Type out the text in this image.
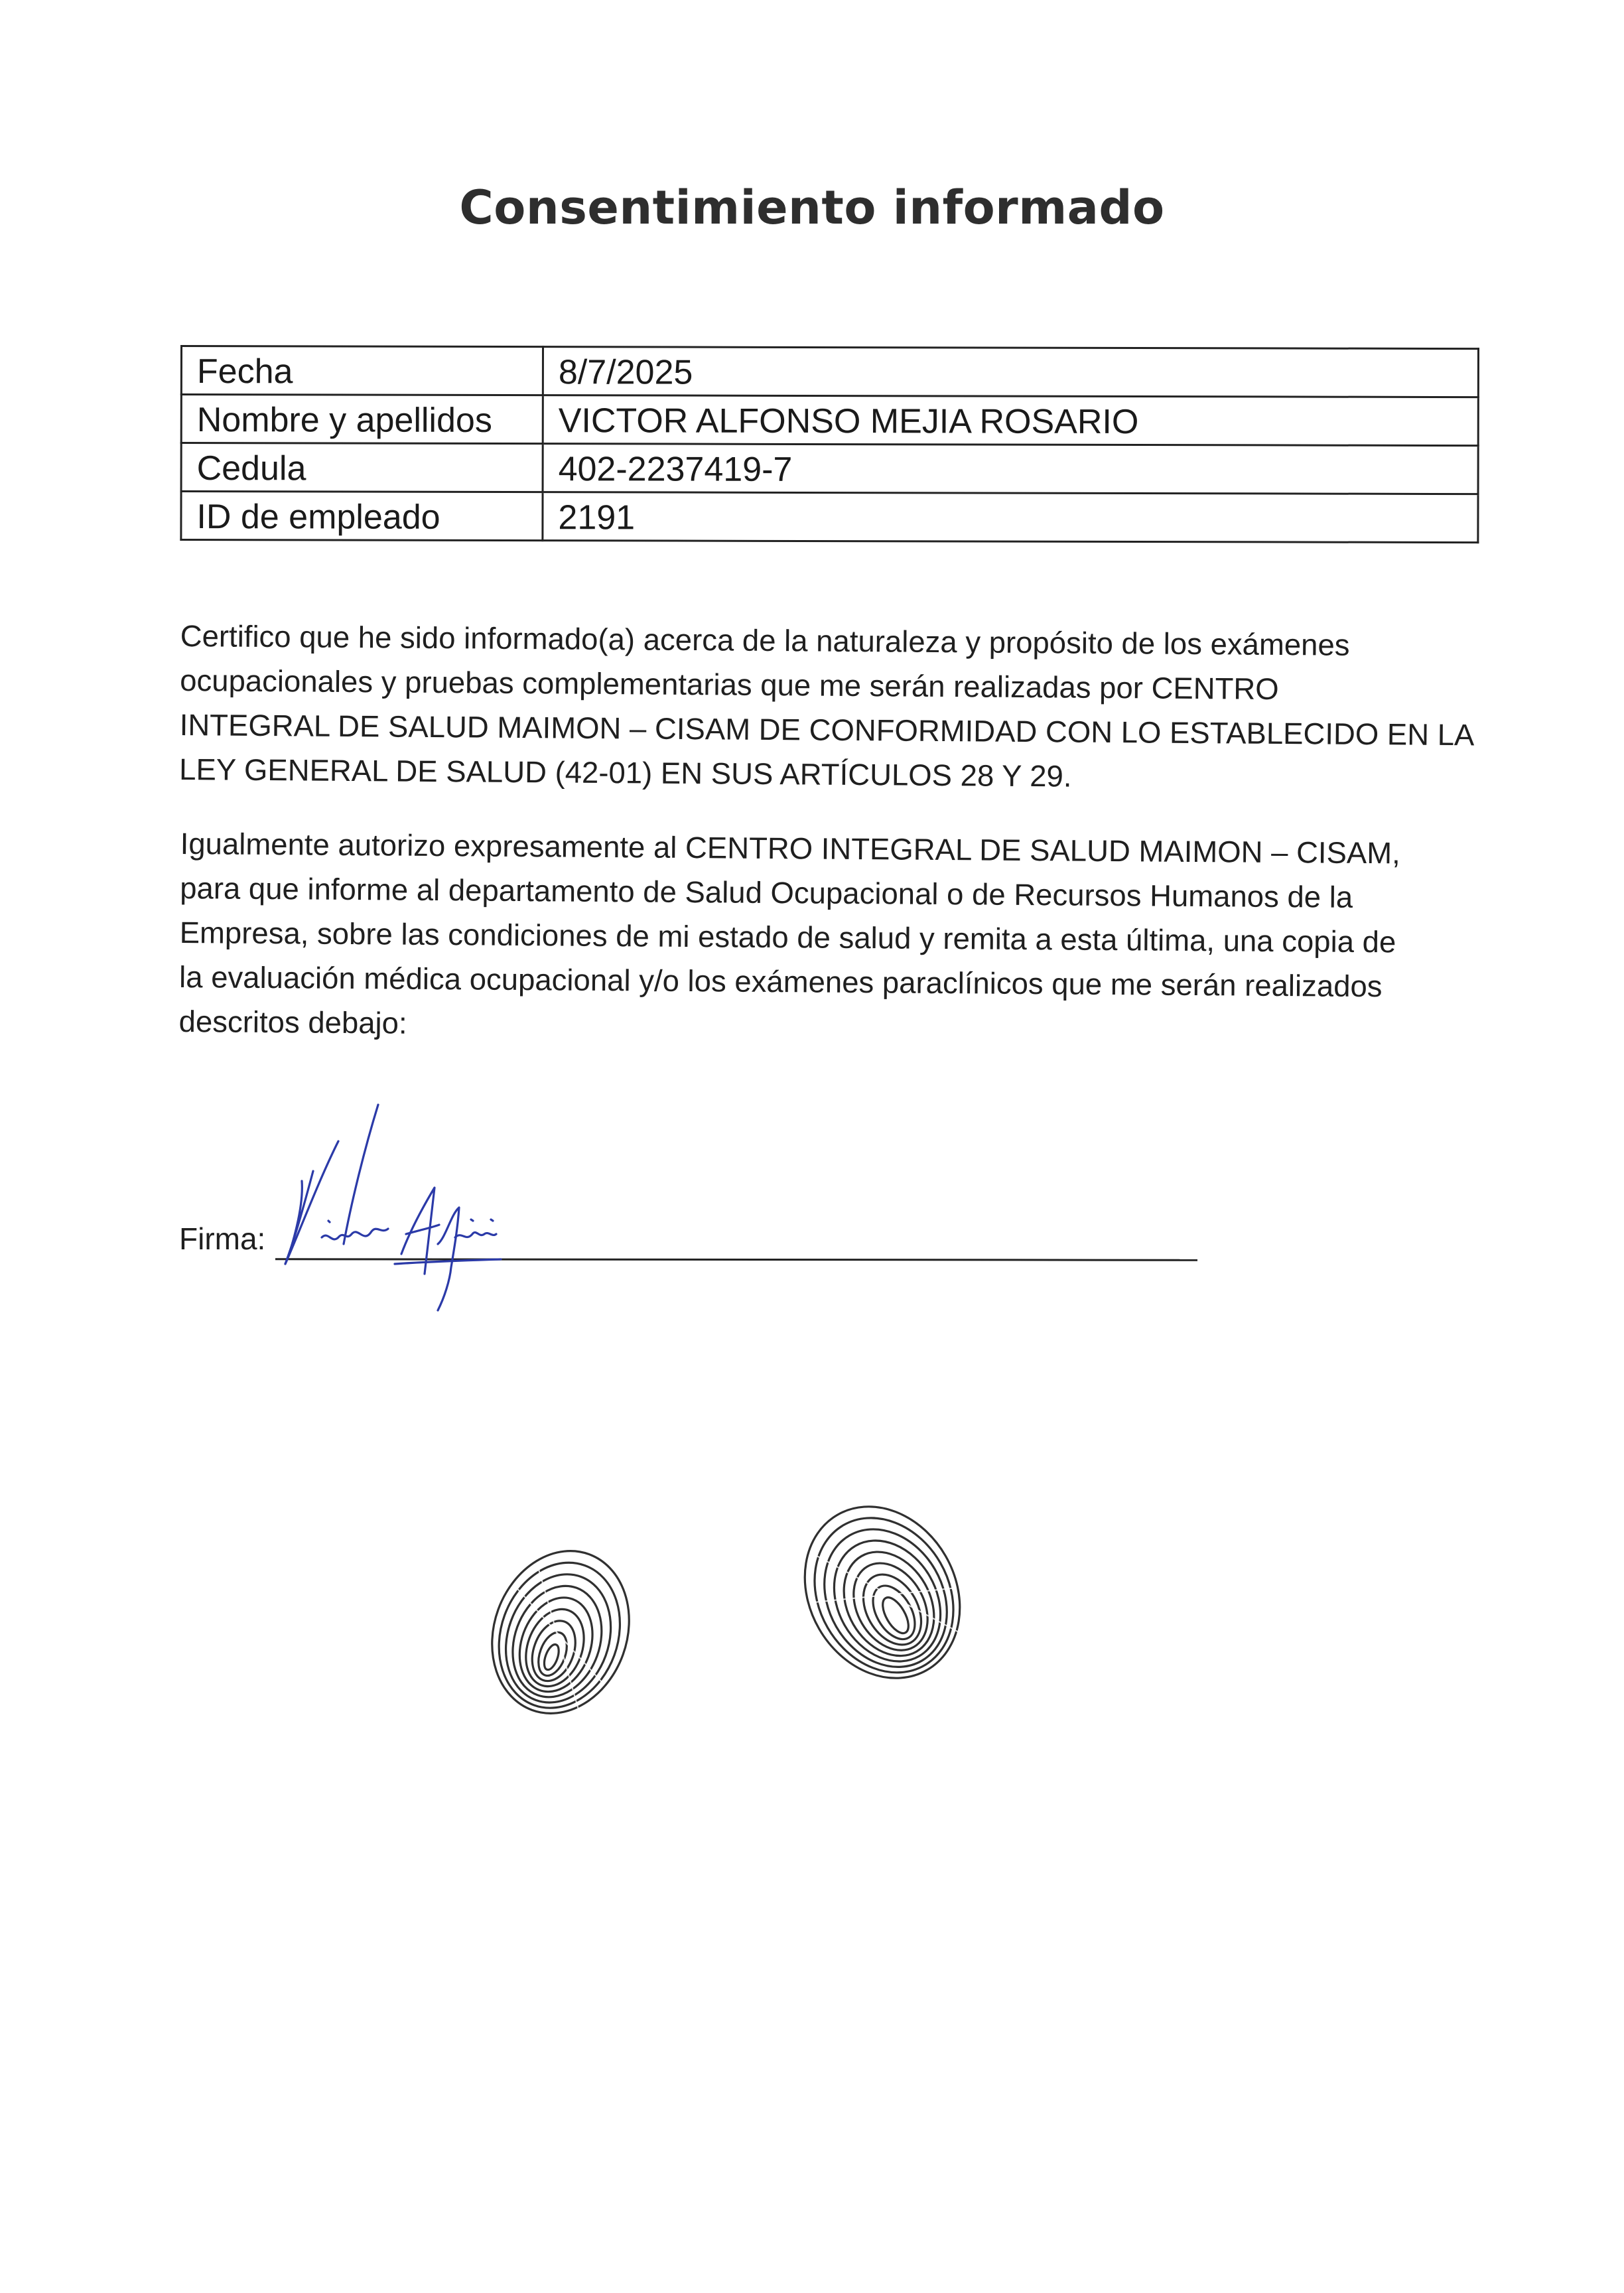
Consentimiento informado
Fecha	8/7/2025
Nombre y apellidos	VICTOR ALFONSO MEJIA ROSARIO
Cedula	402-2237419-7
ID de empleado	2191
Certifico que he sido informado(a) acerca de la naturaleza y propósito de los exámenes
ocupacionales y pruebas complementarias que me serán realizadas por CENTRO
INTEGRAL DE SALUD MAIMON – CISAM DE CONFORMIDAD CON LO ESTABLECIDO EN LA
LEY GENERAL DE SALUD (42-01) EN SUS ARTÍCULOS 28 Y 29.
Igualmente autorizo expresamente al CENTRO INTEGRAL DE SALUD MAIMON – CISAM,
para que informe al departamento de Salud Ocupacional o de Recursos Humanos de la
Empresa, sobre las condiciones de mi estado de salud y remita a esta última, una copia de
la evaluación médica ocupacional y/o los exámenes paraclínicos que me serán realizados
descritos debajo:
Firma:
